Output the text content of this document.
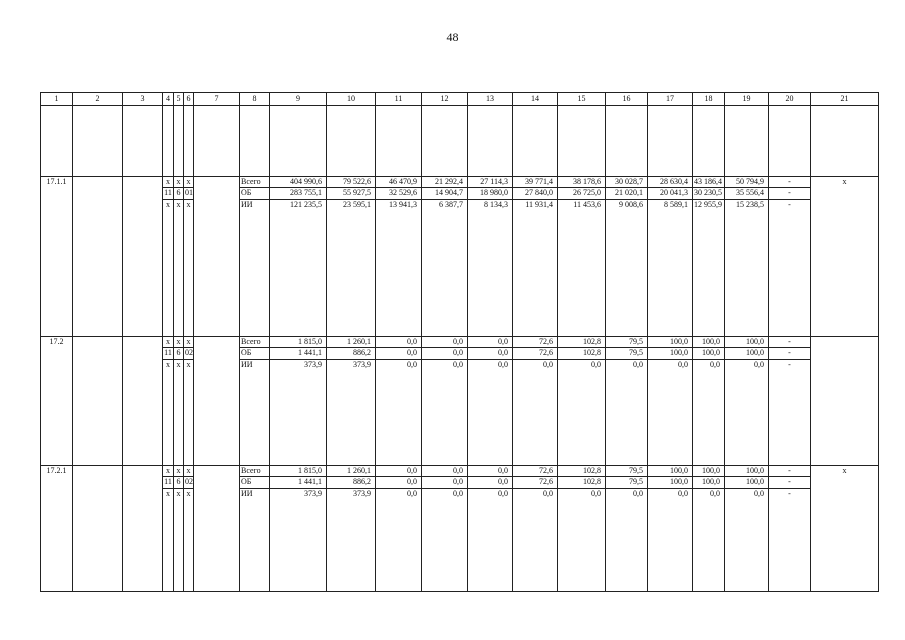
48
1	2	3	4	5	6	7	8	9	10	11	12	13	14	15	16	17	18	19	20	21

17.1.1			х	х	х		Всего	404 990,6	79 522,6	46 470,9	21 292,4	27 114,3	39 771,4	38 178,6	30 028,7	28 630,4	43 186,4	50 794,9	-	х
			11	6	01		ОБ	283 755,1	55 927,5	32 529,6	14 904,7	18 980,0	27 840,0	26 725,0	21 020,1	20 041,3	30 230,5	35 556,4	-	
			х	х	х		ИИ	121 235,5	23 595,1	13 941,3	6 387,7	8 134,3	11 931,4	11 453,6	9 008,6	8 589,1	12 955,9	15 238,5	-	
17.2			х	х	х		Всего	1 815,0	1 260,1	0,0	0,0	0,0	72,6	102,8	79,5	100,0	100,0	100,0	-	
			11	6	02		ОБ	1 441,1	886,2	0,0	0,0	0,0	72,6	102,8	79,5	100,0	100,0	100,0	-	
			х	х	х		ИИ	373,9	373,9	0,0	0,0	0,0	0,0	0,0	0,0	0,0	0,0	0,0	-	
17.2.1			х	х	х		Всего	1 815,0	1 260,1	0,0	0,0	0,0	72,6	102,8	79,5	100,0	100,0	100,0	-	х
			11	6	02		ОБ	1 441,1	886,2	0,0	0,0	0,0	72,6	102,8	79,5	100,0	100,0	100,0	-	
			х	х	х		ИИ	373,9	373,9	0,0	0,0	0,0	0,0	0,0	0,0	0,0	0,0	0,0	-	
